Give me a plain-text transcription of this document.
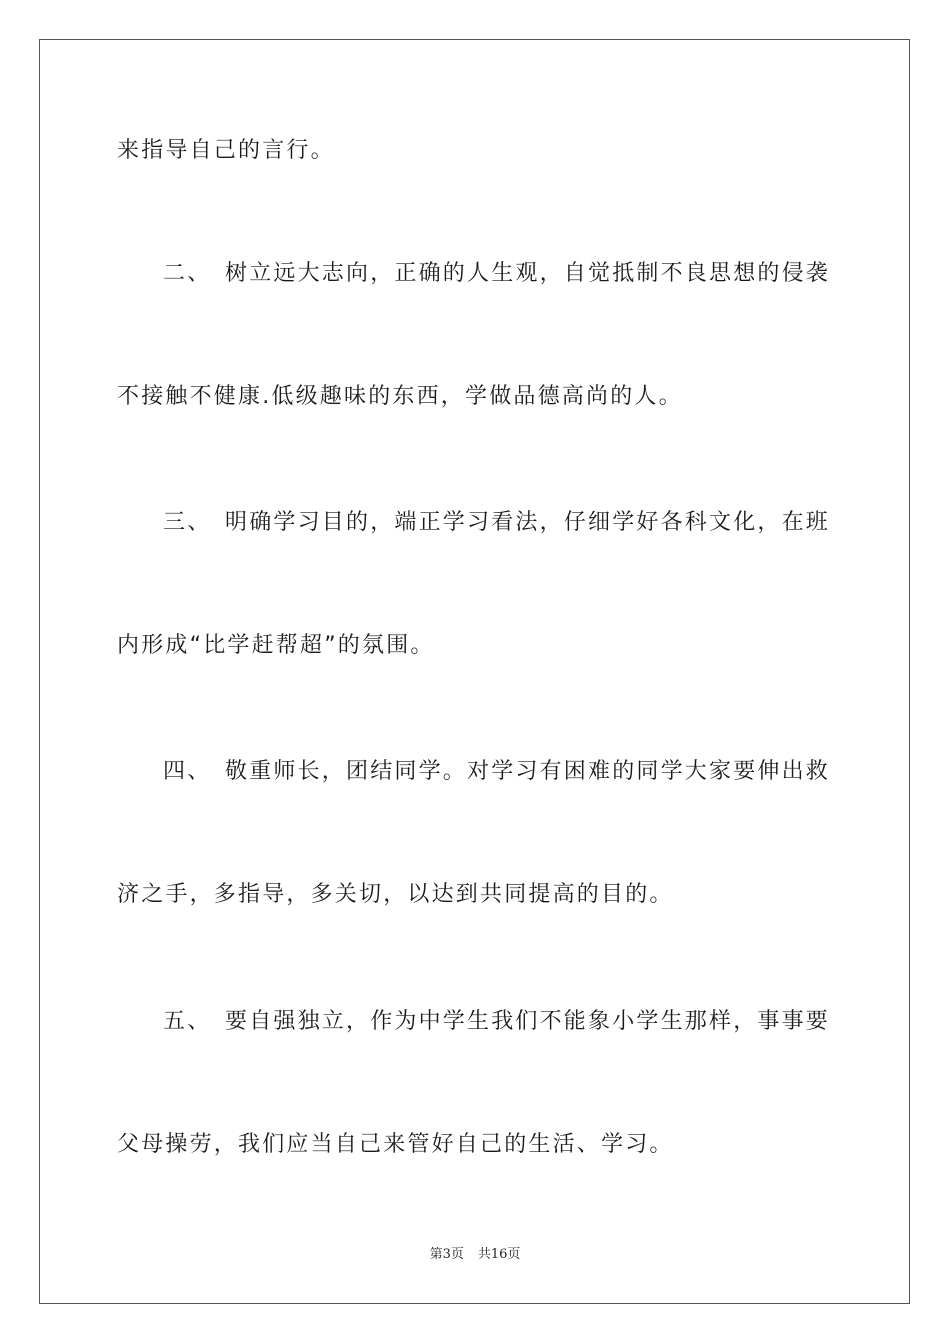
来指导自己的言行。
二、 树立远大志向，正确的人生观，自觉抵制不良思想的侵袭
不接触不健康.低级趣味的东西，学做品德高尚的人。
三、 明确学习目的，端正学习看法，仔细学好各科文化，在班
内形成“比学赶帮超”的氛围。
四、 敬重师长，团结同学。对学习有困难的同学大家要伸出救
济之手，多指导，多关切，以达到共同提高的目的。
五、 要自强独立，作为中学生我们不能象小学生那样，事事要
父母操劳，我们应当自己来管好自己的生活、学习。
第3页 共16页
